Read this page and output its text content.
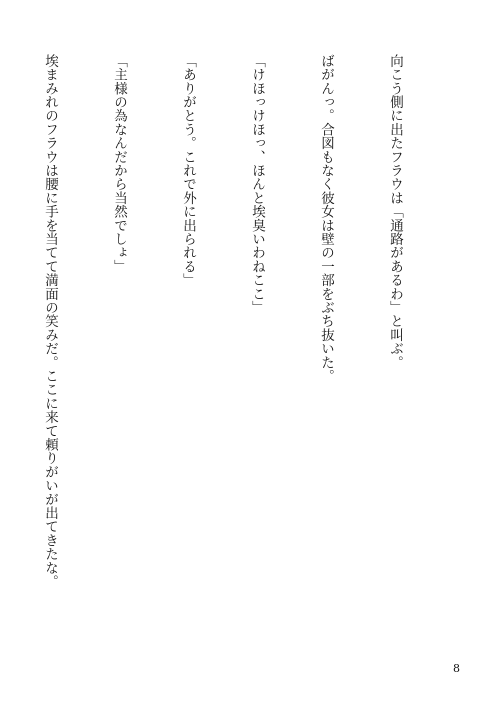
向こう側に出たフラウは「通路があるわ」と叫ぶ。

ばがんっ。合図もなく彼女は壁の一部をぶち抜いた。

「けほっけほっ、ほんと埃臭いわねここ」

「ありがとう。これで外に出られる」

「主様の為なんだから当然でしょ」

埃まみれのフラウは腰に手を当てて満面の笑みだ。ここに来て頼りがいが出てきたな。

8
